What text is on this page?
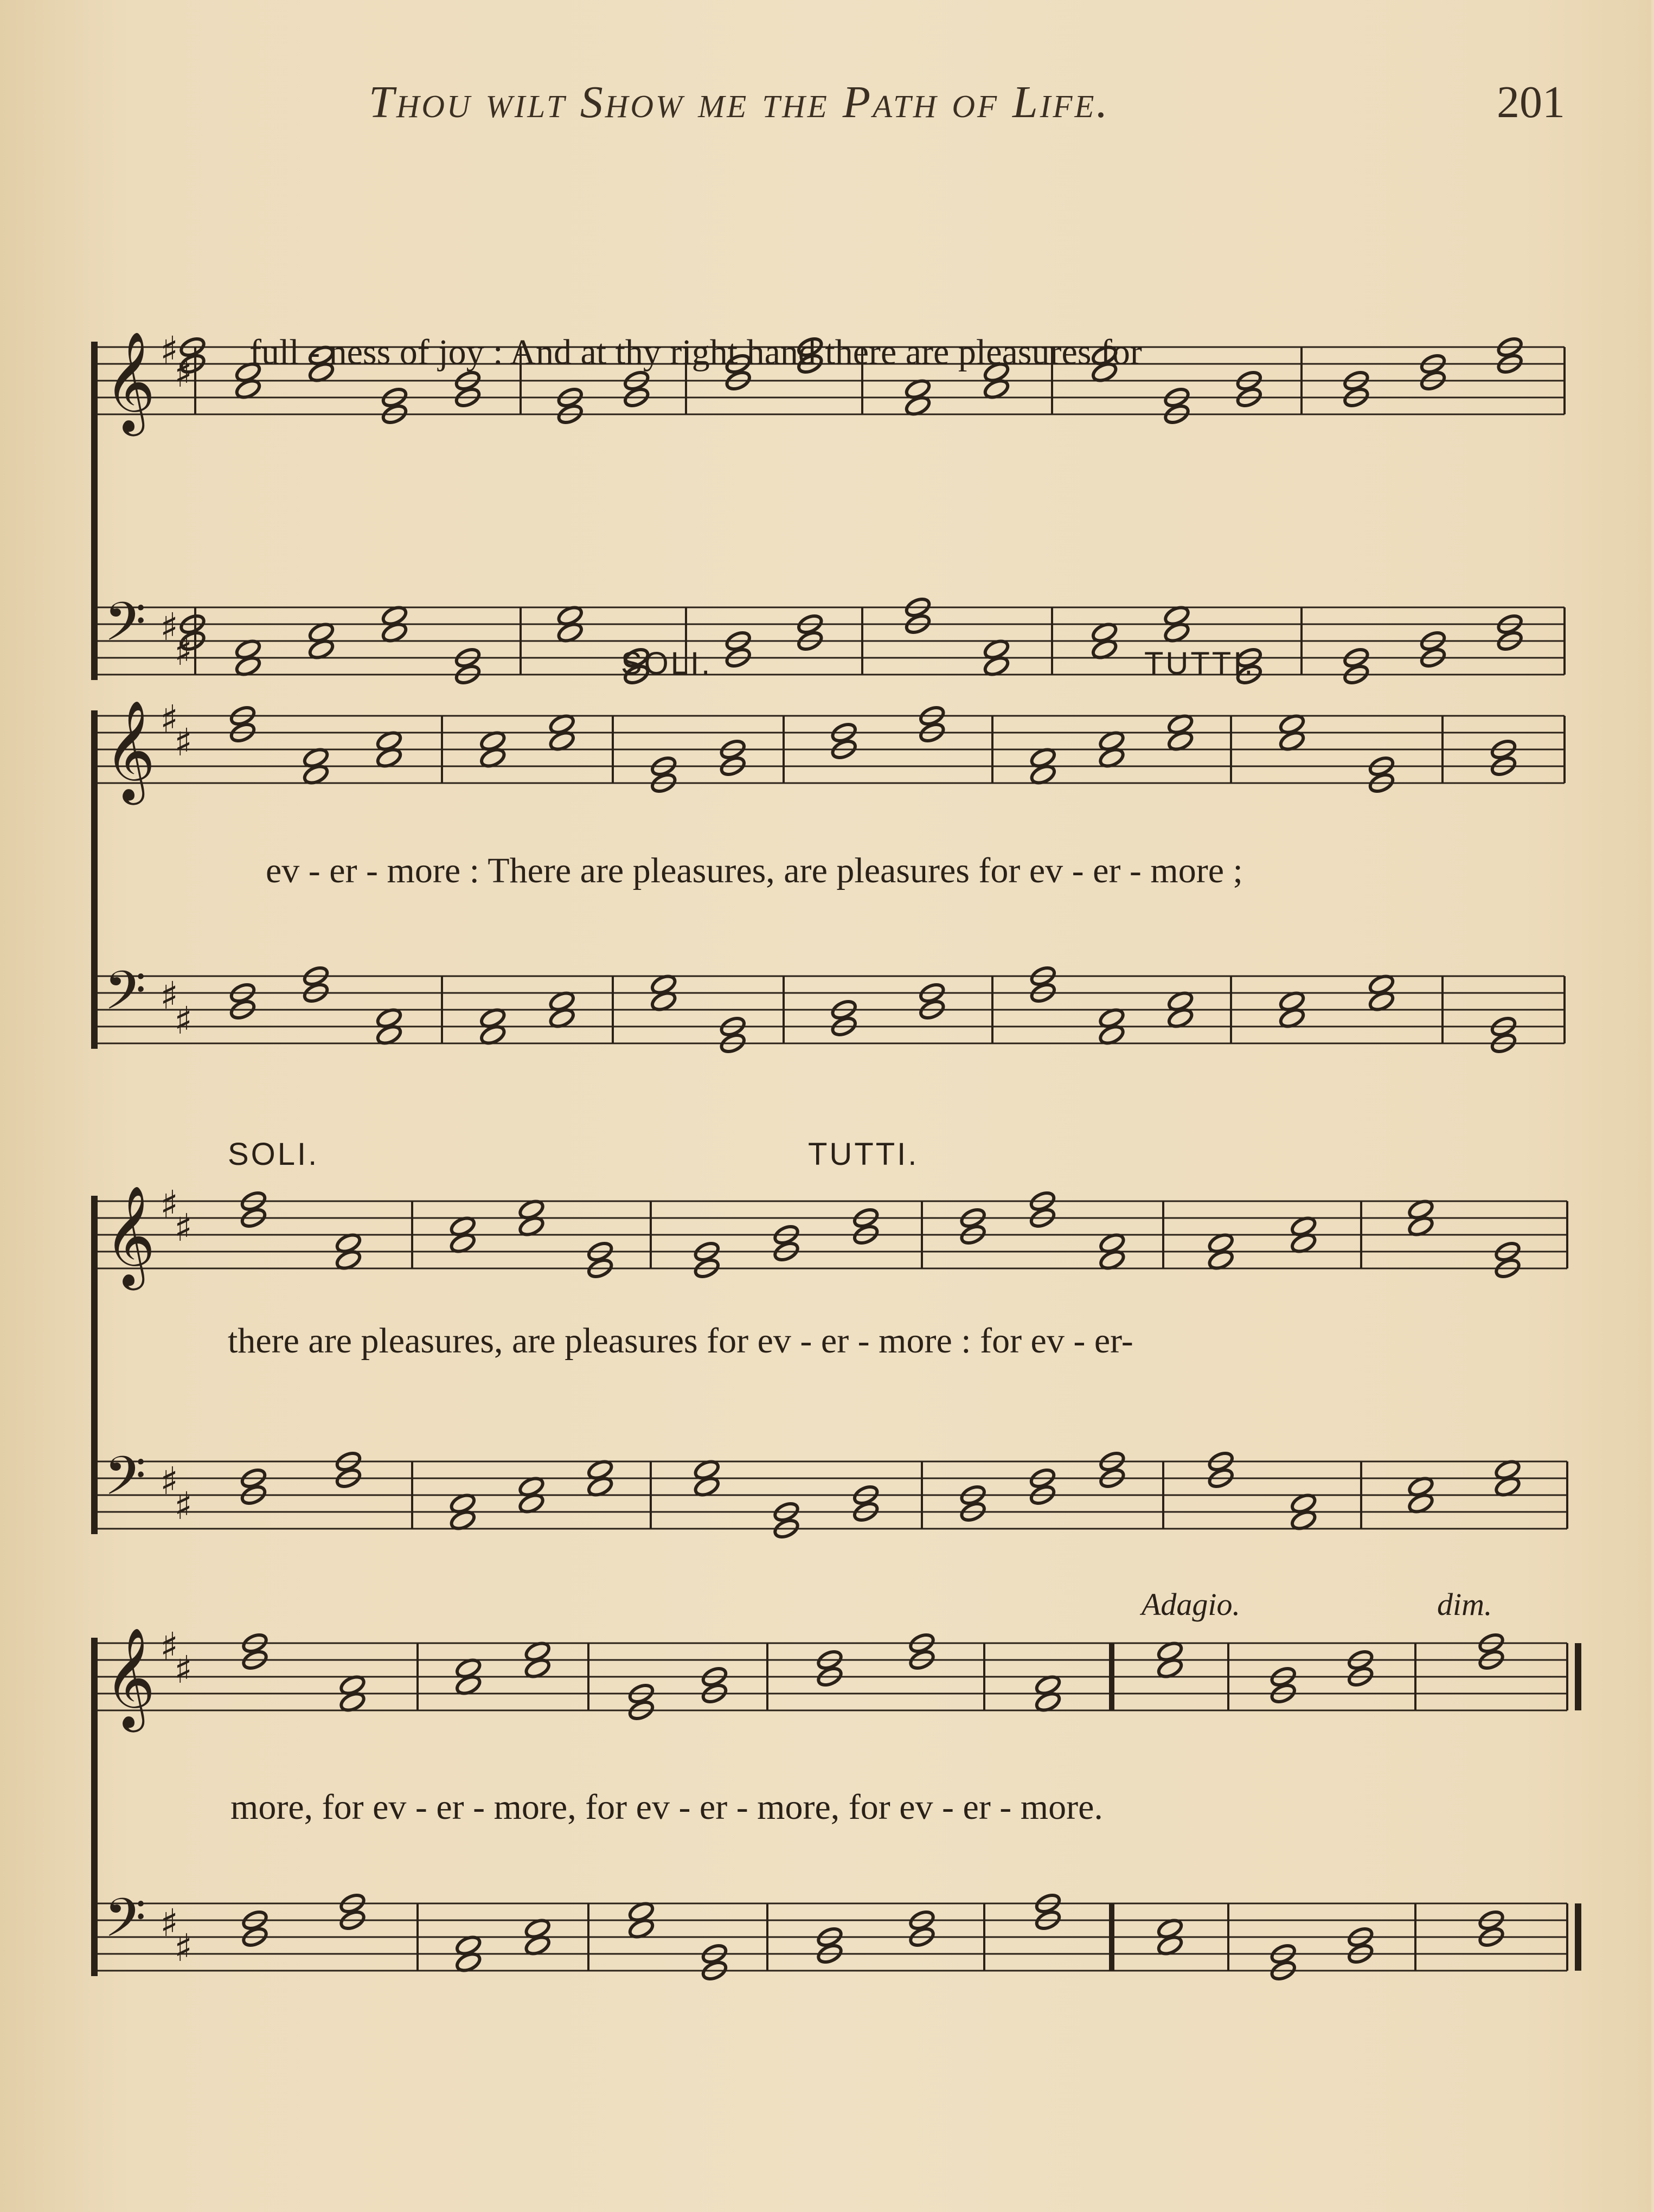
Thou wilt Show me the Path of Life.	201
𝄞 ♯
♯
𝄢 ♯
♯
full - ness of joy : And at thy right hand there are pleasures for
SOLI.	TUTTI.
𝄞 ♯
♯
𝄢 ♯
♯
ev - er - more : There are pleasures, are pleasures for ev - er - more ;
SOLI.	TUTTI.
𝄞 ♯
♯
𝄢 ♯
♯
there are pleasures, are pleasures for ev - er - more : for ev - er-
Adagio.	dim.
𝄞 ♯
♯
𝄢 ♯
♯
more, for ev - er - more, for ev - er - more, for ev - er - more.
